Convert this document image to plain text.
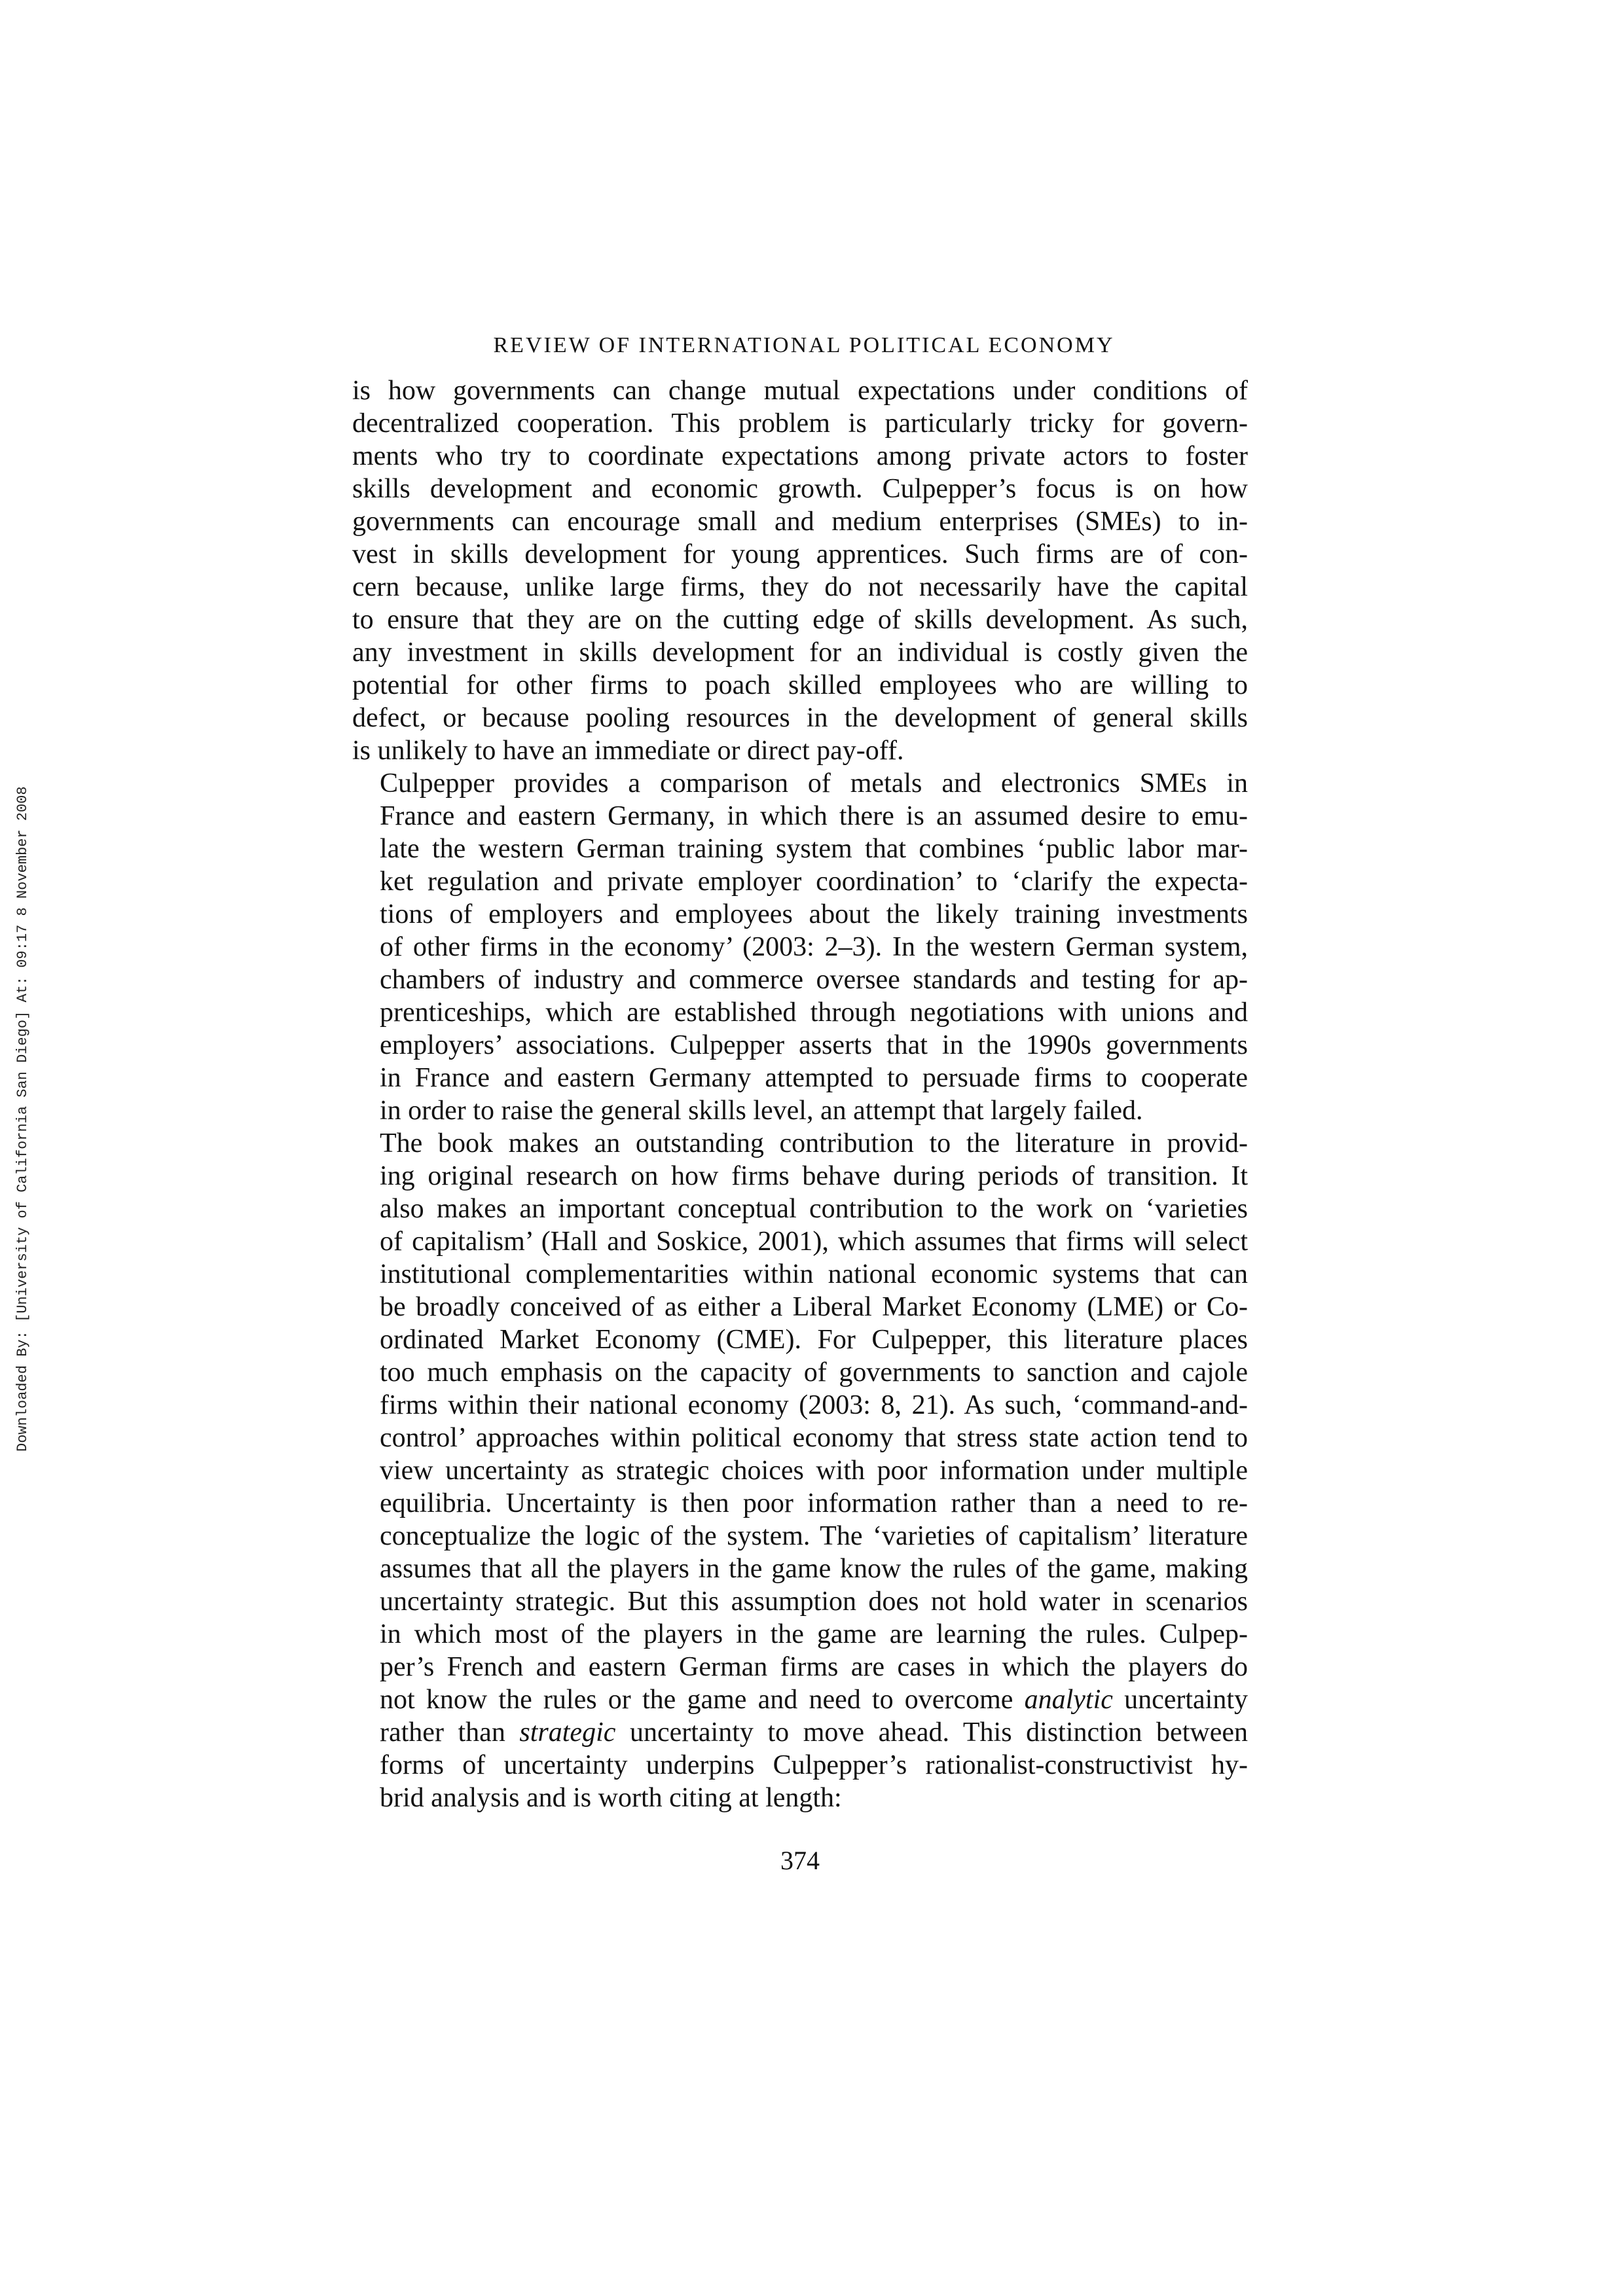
Downloaded By: [University of California San Diego] At: 09:17 8 November 2008
REVIEW OF INTERNATIONAL POLITICAL ECONOMY

is how governments can change mutual expectations under conditions of
decentralized cooperation. This problem is particularly tricky for govern-
ments who try to coordinate expectations among private actors to foster
skills development and economic growth. Culpepper’s focus is on how
governments can encourage small and medium enterprises (SMEs) to in-
vest in skills development for young apprentices. Such firms are of con-
cern because, unlike large firms, they do not necessarily have the capital
to ensure that they are on the cutting edge of skills development. As such,
any investment in skills development for an individual is costly given the
potential for other firms to poach skilled employees who are willing to
defect, or because pooling resources in the development of general skills
is unlikely to have an immediate or direct pay-off.

Culpepper provides a comparison of metals and electronics SMEs in
France and eastern Germany, in which there is an assumed desire to emu-
late the western German training system that combines ‘public labor mar-
ket regulation and private employer coordination’ to ‘clarify the expecta-
tions of employers and employees about the likely training investments
of other firms in the economy’ (2003: 2–3). In the western German system,
chambers of industry and commerce oversee standards and testing for ap-
prenticeships, which are established through negotiations with unions and
employers’ associations. Culpepper asserts that in the 1990s governments
in France and eastern Germany attempted to persuade firms to cooperate
in order to raise the general skills level, an attempt that largely failed.

The book makes an outstanding contribution to the literature in provid-
ing original research on how firms behave during periods of transition. It
also makes an important conceptual contribution to the work on ‘varieties
of capitalism’ (Hall and Soskice, 2001), which assumes that firms will select
institutional complementarities within national economic systems that can
be broadly conceived of as either a Liberal Market Economy (LME) or Co-
ordinated Market Economy (CME). For Culpepper, this literature places
too much emphasis on the capacity of governments to sanction and cajole
firms within their national economy (2003: 8, 21). As such, ‘command-and-
control’ approaches within political economy that stress state action tend to
view uncertainty as strategic choices with poor information under multiple
equilibria. Uncertainty is then poor information rather than a need to re-
conceptualize the logic of the system. The ‘varieties of capitalism’ literature
assumes that all the players in the game know the rules of the game, making
uncertainty strategic. But this assumption does not hold water in scenarios
in which most of the players in the game are learning the rules. Culpep-
per’s French and eastern German firms are cases in which the players do
not know the rules or the game and need to overcome analytic uncertainty
rather than strategic uncertainty to move ahead. This distinction between
forms of uncertainty underpins Culpepper’s rationalist-constructivist hy-
brid analysis and is worth citing at length:

374
